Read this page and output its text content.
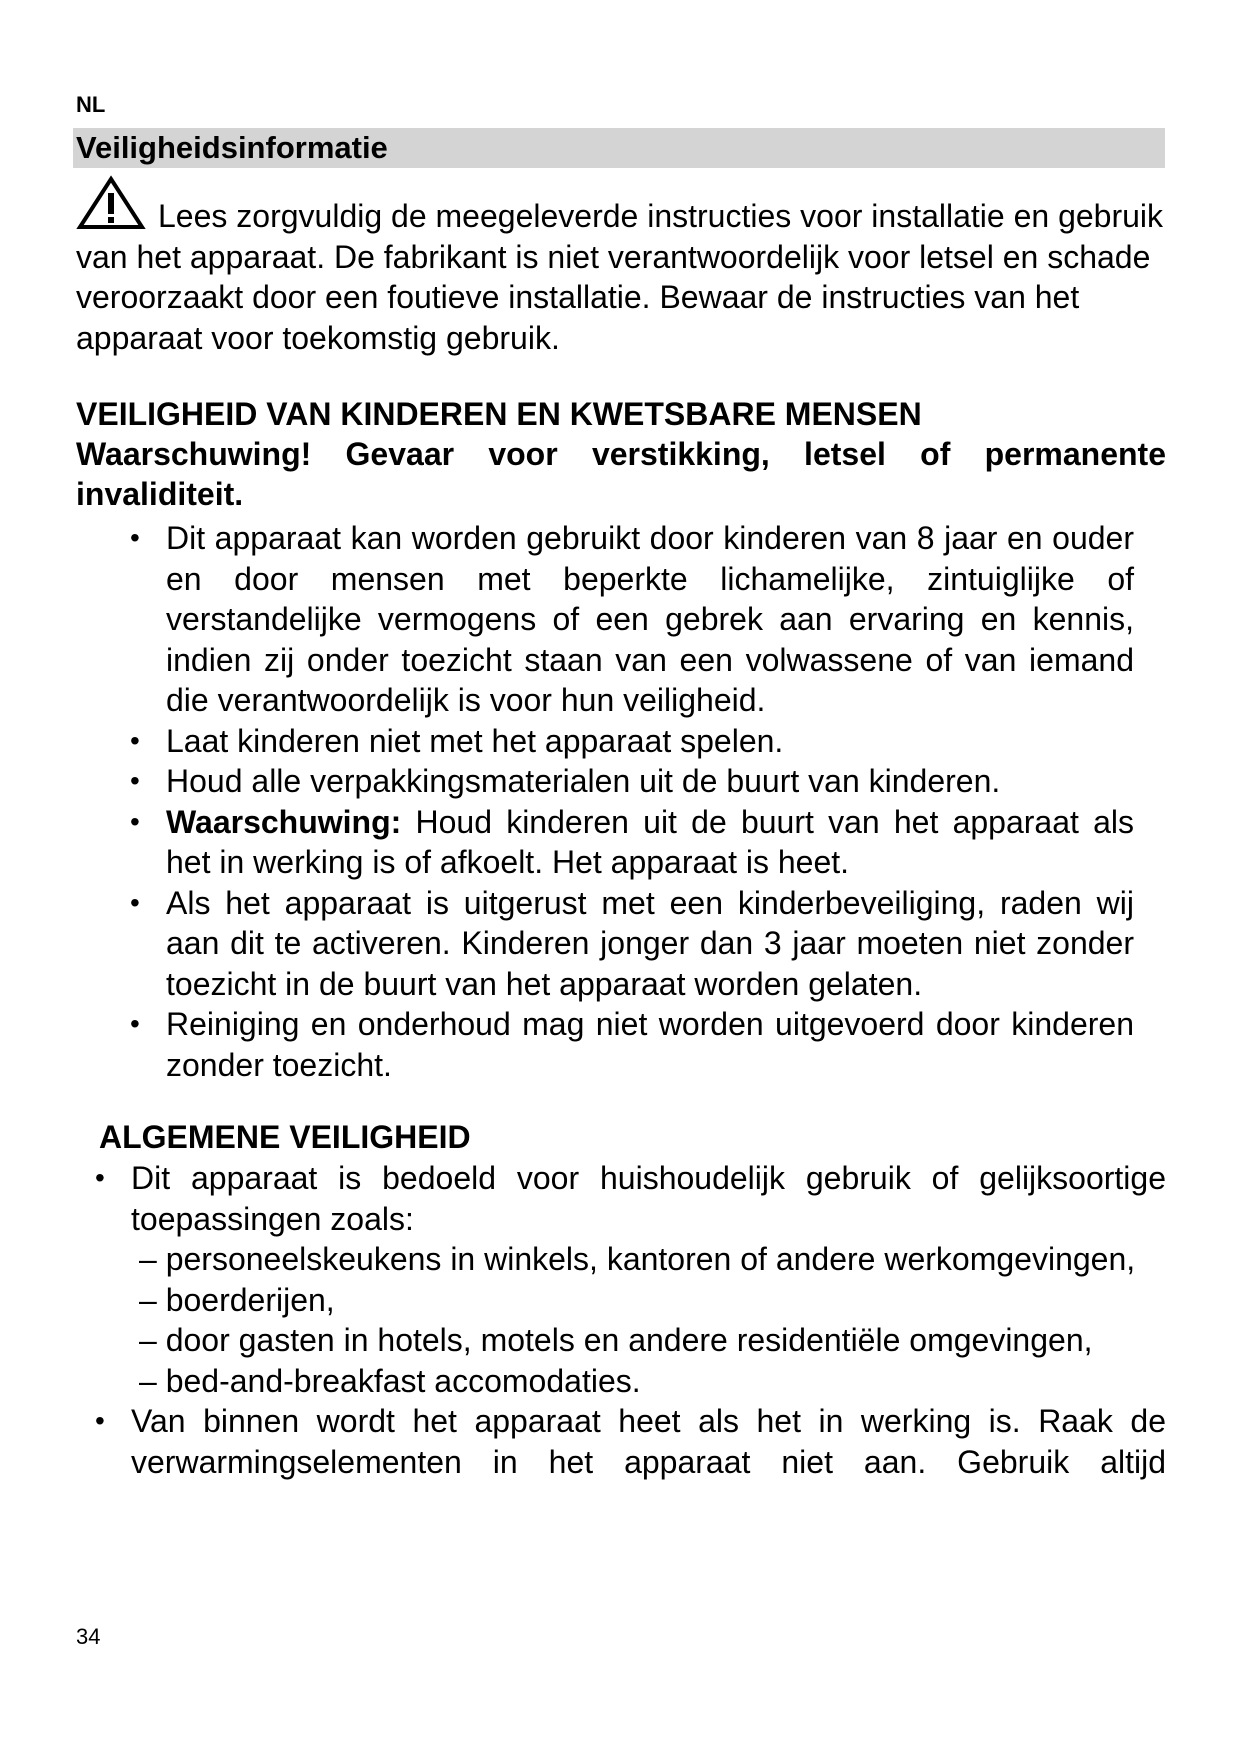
NL
Veiligheidsinformatie
Lees zorgvuldig de meegeleverde instructies voor installatie en gebruik van het apparaat. De fabrikant is niet verantwoordelijk voor letsel en schade veroorzaakt door een foutieve installatie. Bewaar de instructies van het apparaat voor toekomstig gebruik.
VEILIGHEID VAN KINDEREN EN KWETSBARE MENSEN
Waarschuwing! Gevaar voor verstikking, letsel of permanente invaliditeit.
• Dit apparaat kan worden gebruikt door kinderen van 8 jaar en ouder en door mensen met beperkte lichamelijke, zintuiglijke of verstandelijke vermogens of een gebrek aan ervaring en kennis, indien zij onder toezicht staan van een volwassene of van iemand die verantwoordelijk is voor hun veiligheid.
• Laat kinderen niet met het apparaat spelen.
• Houd alle verpakkingsmaterialen uit de buurt van kinderen.
• Waarschuwing: Houd kinderen uit de buurt van het apparaat als het in werking is of afkoelt. Het apparaat is heet.
• Als het apparaat is uitgerust met een kinderbeveiliging, raden wij aan dit te activeren. Kinderen jonger dan 3 jaar moeten niet zonder toezicht in de buurt van het apparaat worden gelaten.
• Reiniging en onderhoud mag niet worden uitgevoerd door kinderen zonder toezicht.
ALGEMENE VEILIGHEID
• Dit apparaat is bedoeld voor huishoudelijk gebruik of gelijksoortige toepassingen zoals:
– personeelskeukens in winkels, kantoren of andere werkomgevingen,
– boerderijen,
– door gasten in hotels, motels en andere residentiële omgevingen,
– bed-and-breakfast accomodaties.
• Van binnen wordt het apparaat heet als het in werking is. Raak de verwarmingselementen in het apparaat niet aan. Gebruik altijd
34
